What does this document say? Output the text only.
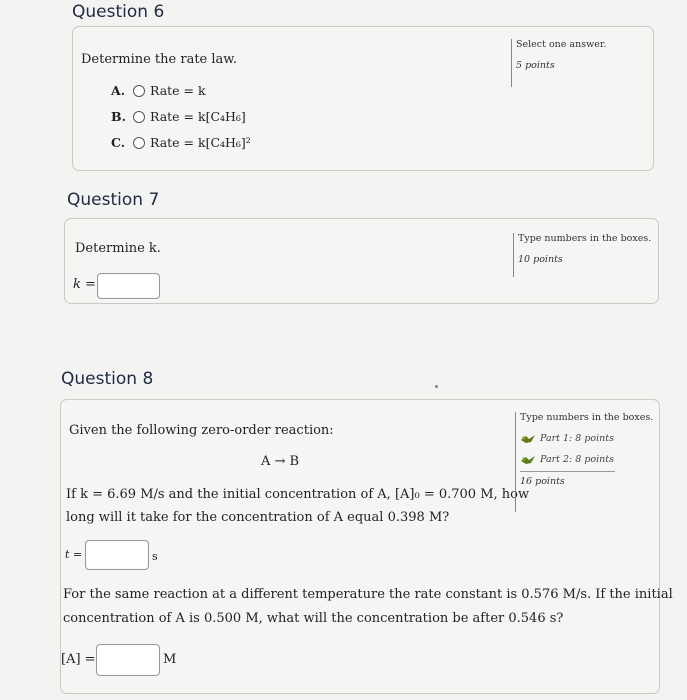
Question 6
Determine the rate law.
A.	Rate = k
B.	Rate = k[C₄H₆]
C.	Rate = k[C₄H₆]²
Select one answer.
5 points
Question 7
Determine k.
k =
Type numbers in the boxes.
10 points
Question 8
Given the following zero-order reaction:
A → B
If k = 6.69 M/s and the initial concentration of A, [A]₀ = 0.700 M, how
long will it take for the concentration of A equal 0.398 M?
t =	s
For the same reaction at a different temperature the rate constant is 0.576 M/s. If the initial
concentration of A is 0.500 M, what will the concentration be after 0.546 s?
[A] =	M
Type numbers in the boxes.
Part 1: 8 points
Part 2: 8 points
16 points
